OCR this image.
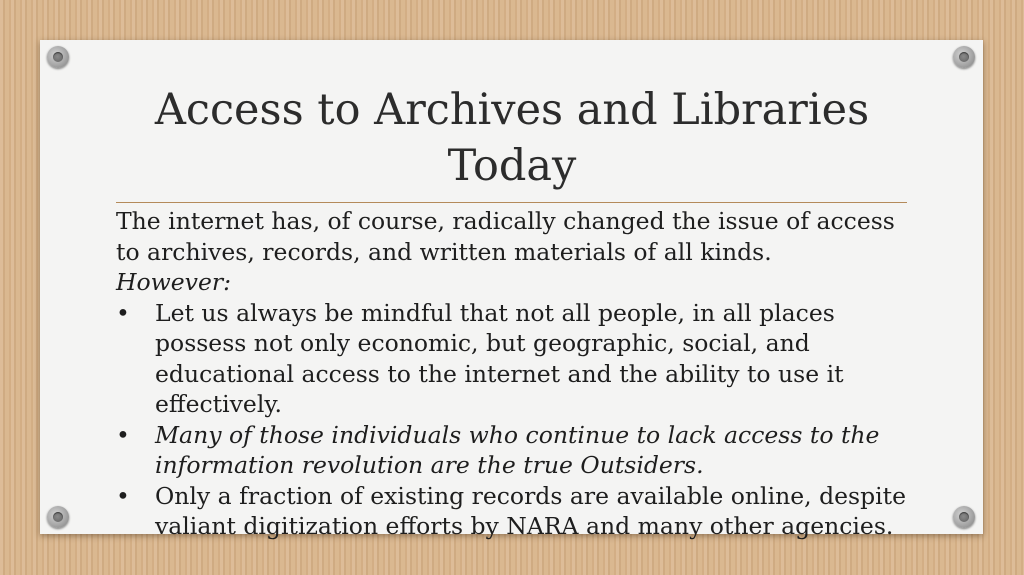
Access to Archives and Libraries Today

The internet has, of course, radically changed the issue of access to archives, records, and written materials of all kinds.

However:

•	Let us always be mindful that not all people, in all places possess not only economic, but geographic, social, and educational access to the internet and the ability to use it effectively.
•	Many of those individuals who continue to lack access to the information revolution are the true Outsiders.
•	Only a fraction of existing records are available online, despite valiant digitization efforts by NARA and many other agencies.
